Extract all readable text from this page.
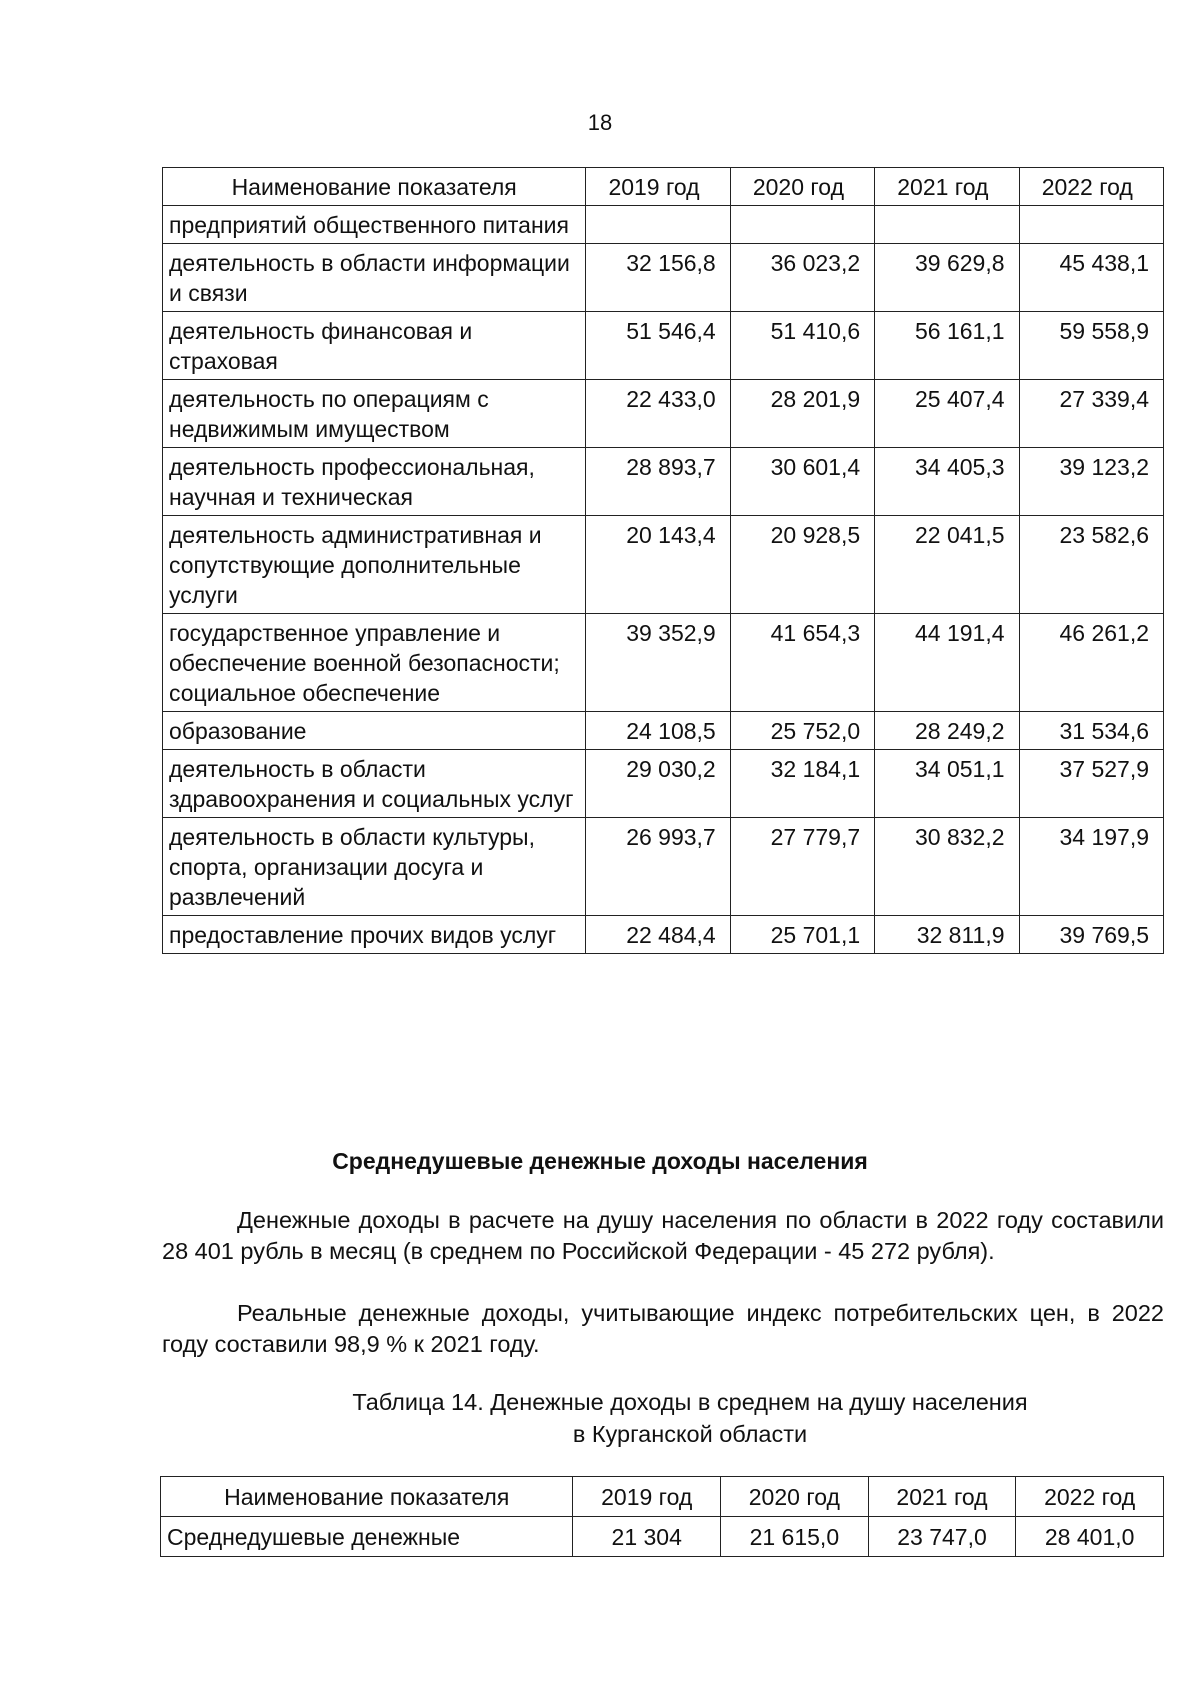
18
Наименование показателя	2019 год	2020 год	2021 год	2022 год
предприятий общественного питания				
деятельность в области информации и связи	32 156,8	36 023,2	39 629,8	45 438,1
деятельность финансовая и страховая	51 546,4	51 410,6	56 161,1	59 558,9
деятельность по операциям с недвижимым имуществом	22 433,0	28 201,9	25 407,4	27 339,4
деятельность профессиональная, научная и техническая	28 893,7	30 601,4	34 405,3	39 123,2
деятельность административная и сопутствующие дополнительные услуги	20 143,4	20 928,5	22 041,5	23 582,6
государственное управление и обеспечение военной безопасности; социальное обеспечение	39 352,9	41 654,3	44 191,4	46 261,2
образование	24 108,5	25 752,0	28 249,2	31 534,6
деятельность в области здравоохранения и социальных услуг	29 030,2	32 184,1	34 051,1	37 527,9
деятельность в области культуры, спорта, организации досуга и развлечений	26 993,7	27 779,7	30 832,2	34 197,9
предоставление прочих видов услуг	22 484,4	25 701,1	32 811,9	39 769,5
Среднедушевые денежные доходы населения
Денежные доходы в расчете на душу населения по области в 2022 году составили 28 401 рубль в месяц (в среднем по Российской Федерации - 45 272 рубля).
Реальные денежные доходы, учитывающие индекс потребительских цен, в 2022 году составили 98,9 % к 2021 году.
Таблица 14. Денежные доходы в среднем на душу населения
в Курганской области
Наименование показателя	2019 год	2020 год	2021 год	2022 год
Среднедушевые денежные	21 304	21 615,0	23 747,0	28 401,0
